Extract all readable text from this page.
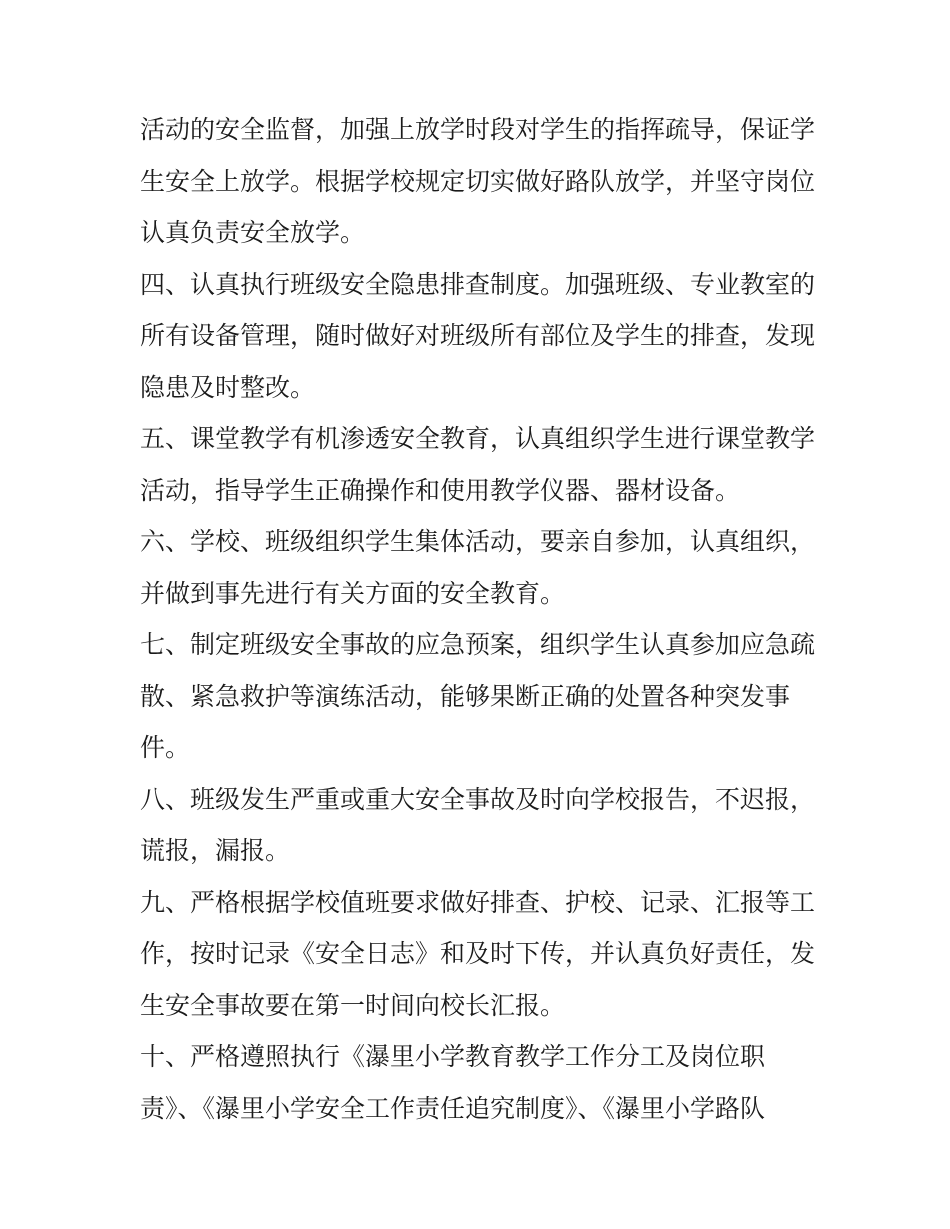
活动的安全监督，加强上放学时段对学生的指挥疏导，保证学
生安全上放学。根据学校规定切实做好路队放学，并坚守岗位
认真负责安全放学。
四、认真执行班级安全隐患排查制度。加强班级、专业教室的
所有设备管理，随时做好对班级所有部位及学生的排查，发现
隐患及时整改。
五、课堂教学有机渗透安全教育，认真组织学生进行课堂教学
活动，指导学生正确操作和使用教学仪器、器材设备。
六、学校、班级组织学生集体活动，要亲自参加，认真组织，
并做到事先进行有关方面的安全教育。
七、制定班级安全事故的应急预案，组织学生认真参加应急疏
散、紧急救护等演练活动，能够果断正确的处置各种突发事
件。
八、班级发生严重或重大安全事故及时向学校报告，不迟报，
谎报，漏报。
九、严格根据学校值班要求做好排查、护校、记录、汇报等工
作，按时记录《安全日志》和及时下传，并认真负好责任，发
生安全事故要在第一时间向校长汇报。
十、严格遵照执行《瀑里小学教育教学工作分工及岗位职
责》、《瀑里小学安全工作责任追究制度》、《瀑里小学路队
